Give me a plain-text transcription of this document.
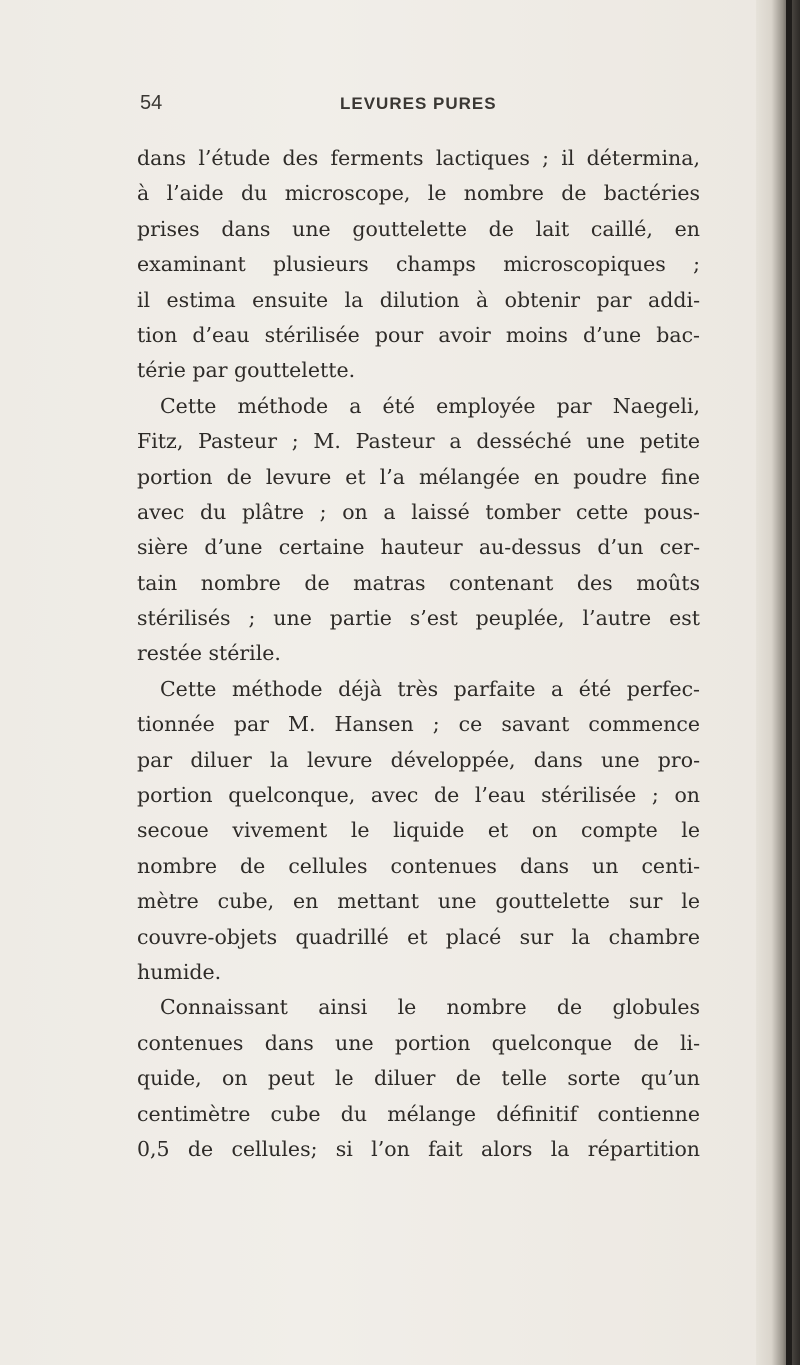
54	LEVURES PURES
dans l’étude des ferments lactiques ; il détermina,
à l’aide du microscope, le nombre de bactéries
prises dans une gouttelette de lait caillé, en
examinant plusieurs champs microscopiques ;
il estima ensuite la dilution à obtenir par addi-
tion d’eau stérilisée pour avoir moins d’une bac-
térie par gouttelette.
Cette méthode a été employée par Naegeli,
Fitz, Pasteur ; M. Pasteur a desséché une petite
portion de levure et l’a mélangée en poudre fine
avec du plâtre ; on a laissé tomber cette pous-
sière d’une certaine hauteur au-dessus d’un cer-
tain nombre de matras contenant des moûts
stérilisés ; une partie s’est peuplée, l’autre est
restée stérile.
Cette méthode déjà très parfaite a été perfec-
tionnée par M. Hansen ; ce savant commence
par diluer la levure développée, dans une pro-
portion quelconque, avec de l’eau stérilisée ; on
secoue vivement le liquide et on compte le
nombre de cellules contenues dans un centi-
mètre cube, en mettant une gouttelette sur le
couvre-objets quadrillé et placé sur la chambre
humide.
Connaissant ainsi le nombre de globules
contenues dans une portion quelconque de li-
quide, on peut le diluer de telle sorte qu’un
centimètre cube du mélange définitif contienne
0,5 de cellules; si l’on fait alors la répartition
